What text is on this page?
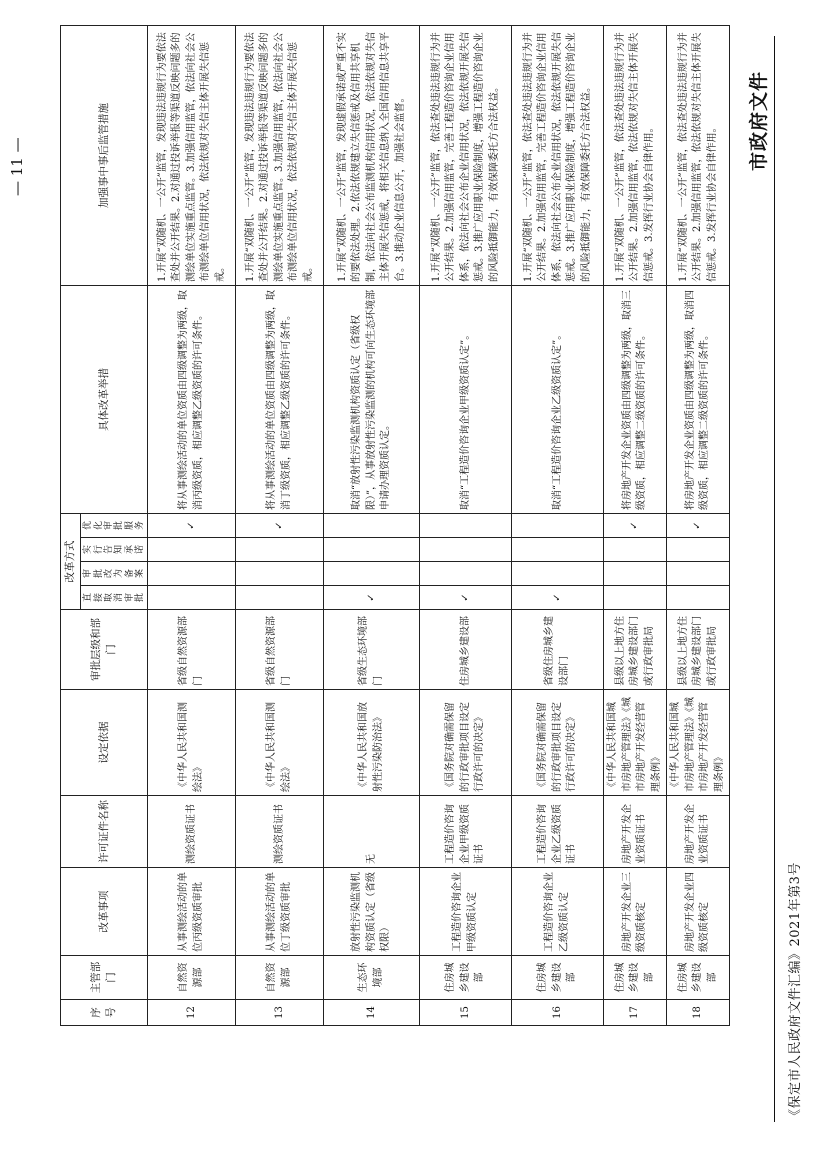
— 11 —
序号	主管部门	改革事项	许可证件名称	设定依据	审批层级和部门	改革方式				具体改革举措	加强事中事后监管措施
						直接取消审批	审批改为备案	实行告知承诺	优化审批服务		
12	自然资源部	从事测绘活动的单位丙级资质审批	测绘资质证书	《中华人民共和国测绘法》	省级自然资源部门				✓	将从事测绘活动的单位资质由四级调整为两级，取消丙级资质，相应调整乙级资质的许可条件。	1.开展“双随机、一公开”监管，发现违法违规行为要依法查处并公开结果。2.对通过投诉举报等渠道反映问题多的测绘单位实施重点监管。3.加强信用监管，依法向社会公布测绘单位信用状况，依法依规对失信主体开展失信惩戒。
13	自然资源部	从事测绘活动的单位丁级资质审批	测绘资质证书	《中华人民共和国测绘法》	省级自然资源部门				✓	将从事测绘活动的单位资质由四级调整为两级，取消丁级资质，相应调整乙级资质的许可条件。	1.开展“双随机、一公开”监管，发现违法违规行为要依法查处并公开结果。2.对通过投诉举报等渠道反映问题多的测绘单位实施重点监管。3.加强信用监管，依法向社会公布测绘单位信用状况，依法依规对失信主体开展失信惩戒。
14	生态环境部	放射性污染监测机构资质认定（省级权限）	无	《中华人民共和国放射性污染防治法》	省级生态环境部门	✓				取消“放射性污染监测机构资质认定（省级权限）”，从事放射性污染监测的机构可向生态环境部申请办理资质认定。	1.开展“双随机、一公开”监管，发现虚假承诺或严重不实的要依法处理。2.依法依规建立失信惩戒及信用共享机制，依法向社会公布监测机构信用状况，依法依规对失信主体开展失信惩戒，将相关信息纳入全国信用信息共享平台。3.推动企业信息公开，加强社会监督。
15	住房城乡建设部	工程造价咨询企业甲级资质认定	工程造价咨询企业甲级资质证书	《国务院对确需保留的行政审批项目设定行政许可的决定》	住房城乡建设部	✓				取消“工程造价咨询企业甲级资质认定”。	1.开展“双随机、一公开”监管，依法查处违法违规行为并公开结果。2.加强信用监管，完善工程造价咨询企业信用体系，依法向社会公布企业信用状况，依法依规开展失信惩戒。3.推广应用职业保险制度，增强工程造价咨询企业的风险抵御能力，有效保障委托方合法权益。
16	住房城乡建设部	工程造价咨询企业乙级资质认定	工程造价咨询企业乙级资质证书	《国务院对确需保留的行政审批项目设定行政许可的决定》	省级住房城乡建设部门	✓				取消“工程造价咨询企业乙级资质认定”。	1.开展“双随机、一公开”监管，依法查处违法违规行为并公开结果。2.加强信用监管，完善工程造价咨询企业信用体系，依法向社会公布企业信用状况，依法依规开展失信惩戒。3.推广应用职业保险制度，增强工程造价咨询企业的风险抵御能力，有效保障委托方合法权益。
17	住房城乡建设部	房地产开发企业三级资质核定	房地产开发企业资质证书	《中华人民共和国城市房地产管理法》《城市房地产开发经营管理条例》	县级以上地方住房城乡建设部门或行政审批局				✓	将房地产开发企业资质由四级调整为两级，取消三级资质，相应调整二级资质的许可条件。	1.开展“双随机、一公开”监管，依法查处违法违规行为并公开结果。2.加强信用监管，依法依规对失信主体开展失信惩戒。3.发挥行业协会自律作用。
18	住房城乡建设部	房地产开发企业四级资质核定	房地产开发企业资质证书	《中华人民共和国城市房地产管理法》《城市房地产开发经营管理条例》	县级以上地方住房城乡建设部门或行政审批局				✓	将房地产开发企业资质由四级调整为两级，取消四级资质，相应调整二级资质的许可条件。	1.开展“双随机、一公开”监管，依法查处违法违规行为并公开结果。2.加强信用监管，依法依规对失信主体开展失信惩戒。3.发挥行业协会自律作用。
《保定市人民政府文件汇编》2021年第3号
市政府文件
